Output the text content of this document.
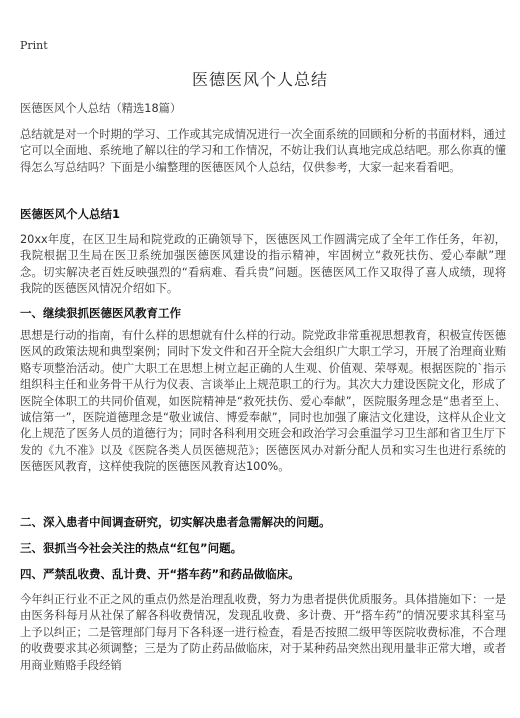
Print
医德医风个人总结
医德医风个人总结（精选18篇）
总结就是对一个时期的学习、工作或其完成情况进行一次全面系统的回顾和分析的书面材料，通过它可以全面地、系统地了解以往的学习和工作情况，不妨让我们认真地完成总结吧。那么你真的懂得怎么写总结吗？下面是小编整理的医德医风个人总结，仅供参考，大家一起来看看吧。
医德医风个人总结1
20xx年度，在区卫生局和院党政的正确领导下，医德医风工作圆满完成了全年工作任务，年初，我院根据卫生局在医卫系统加强医德医风建设的指示精神，牢固树立“救死扶伤、爱心奉献”理念。切实解决老百姓反映强烈的“看病难、看兵贵”问题。医德医风工作又取得了喜人成绩，现将我院的医德医风情况介绍如下。
一、继续狠抓医德医风教育工作
思想是行动的指南，有什么样的思想就有什么样的行动。院党政非常重视思想教育，积极宣传医德医风的政策法规和典型案例；同时下发文件和召开全院大会组织广大职工学习，开展了治理商业贿赂专项整治活动。使广大职工在思想上树立起正确的人生观、价值观、荣辱观。根据医院的`指示组织科主任和业务骨干从行为仪表、言谈举止上规范职工的行为。其次大力建设医院文化，形成了医院全体职工的共同价值观，如医院精神是“救死扶伤、爱心奉献”，医院服务理念是“患者至上、诚信第一”，医院道德理念是“敬业诚信、博爱奉献”，同时也加强了廉洁文化建设，这样从企业文化上规范了医务人员的道德行为；同时各科利用交班会和政治学习会重温学习卫生部和省卫生厅下发的《九不准》以及《医院各类人员医德规范》；医德医风办对新分配人员和实习生也进行系统的医德医风教育，这样使我院的医德医风教育达100%。
二、深入患者中间调查研究，切实解决患者急需解决的问题。
三、狠抓当今社会关注的热点“红包”问题。
四、严禁乱收费、乱计费、开“搭车药”和药品做临床。
今年纠正行业不正之风的重点仍然是治理乱收费，努力为患者提供优质服务。具体措施如下：一是由医务科每月从社保了解各科收费情况，发现乱收费、多计费、开“搭车药”的情况要求其科室马上予以纠正；二是管理部门每月下各科逐一进行检查，看是否按照二级甲等医院收费标准，不合理的收费要求其必须调整；三是为了防止药品做临床，对于某种药品突然出现用量非正常大增，或者用商业贿赂手段经销
